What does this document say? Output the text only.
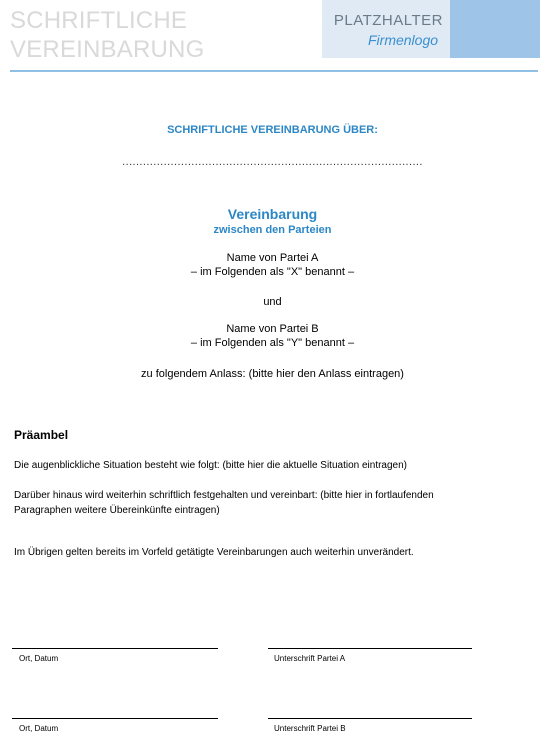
SCHRIFTLICHE
VEREINBARUNG
PLATZHALTER
Firmenlogo
SCHRIFTLICHE VEREINBARUNG ÜBER:
.......................................................................................
Vereinbarung
zwischen den Parteien
Name von Partei A
– im Folgenden als "X" benannt –
und
Name von Partei B
– im Folgenden als "Y" benannt –
zu folgendem Anlass: (bitte hier den Anlass eintragen)
Präambel
Die augenblickliche Situation besteht wie folgt: (bitte hier die aktuelle Situation eintragen)
Darüber hinaus wird weiterhin schriftlich festgehalten und vereinbart: (bitte hier in fortlaufenden
Paragraphen weitere Übereinkünfte eintragen)
Im Übrigen gelten bereits im Vorfeld getätigte Vereinbarungen auch weiterhin unverändert.
Ort, Datum	Unterschrift Partei A
Ort, Datum	Unterschrift Partei B
